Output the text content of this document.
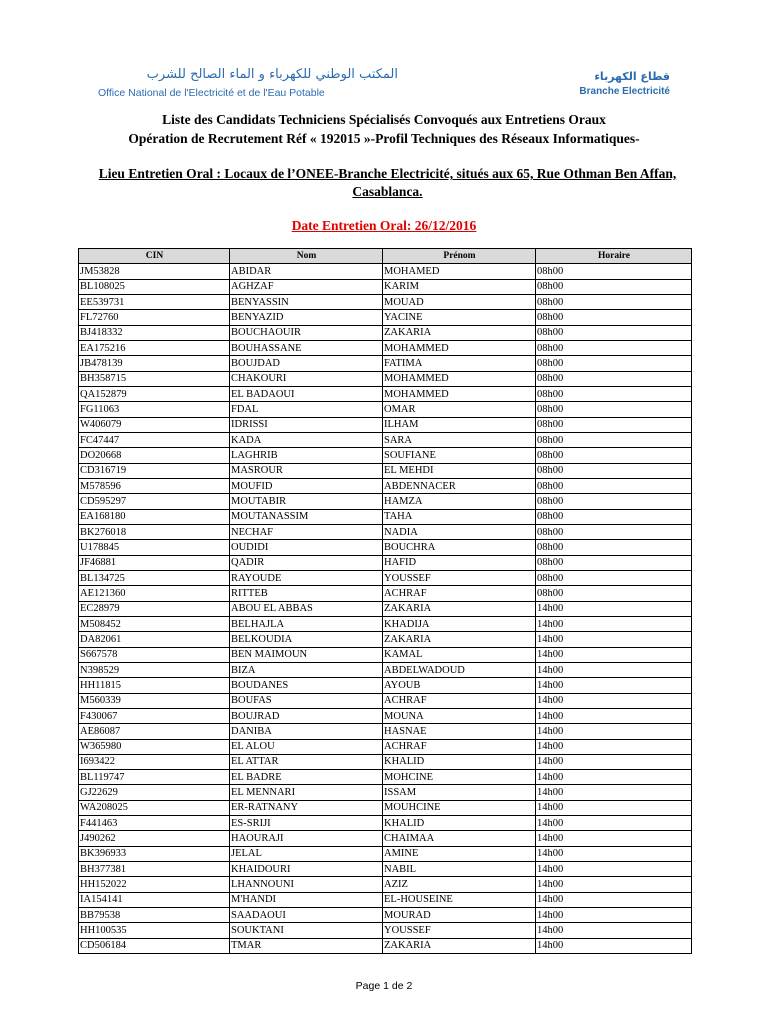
المكتب الوطني للكهرباء و الماء الصالح للشرب
Office National de l'Electricité et de l'Eau Potable
قطاع الكهرباء
Branche Electricité
Liste des Candidats Techniciens Spécialisés Convoqués aux Entretiens Oraux
Opération de Recrutement Réf « 192015 »-Profil Techniques des Réseaux Informatiques-
Lieu Entretien Oral : Locaux de l’ONEE-Branche Electricité, situés aux 65, Rue Othman Ben Affan, Casablanca.
Date Entretien Oral: 26/12/2016
CIN	Nom	Prénom	Horaire
JM53828	ABIDAR	MOHAMED	08h00
BL108025	AGHZAF	KARIM	08h00
EE539731	BENYASSIN	MOUAD	08h00
FL72760	BENYAZID	YACINE	08h00
BJ418332	BOUCHAOUIR	ZAKARIA	08h00
EA175216	BOUHASSANE	MOHAMMED	08h00
JB478139	BOUJDAD	FATIMA	08h00
BH358715	CHAKOURI	MOHAMMED	08h00
QA152879	EL BADAOUI	MOHAMMED	08h00
FG11063	FDAL	OMAR	08h00
W406079	IDRISSI	ILHAM	08h00
FC47447	KADA	SARA	08h00
DO20668	LAGHRIB	SOUFIANE	08h00
CD316719	MASROUR	EL MEHDI	08h00
M578596	MOUFID	ABDENNACER	08h00
CD595297	MOUTABIR	HAMZA	08h00
EA168180	MOUTANASSIM	TAHA	08h00
BK276018	NECHAF	NADIA	08h00
U178845	OUDIDI	BOUCHRA	08h00
JF46881	QADIR	HAFID	08h00
BL134725	RAYOUDE	YOUSSEF	08h00
AE121360	RITTEB	ACHRAF	08h00
EC28979	ABOU EL ABBAS	ZAKARIA	14h00
M508452	BELHAJLA	KHADIJA	14h00
DA82061	BELKOUDIA	ZAKARIA	14h00
S667578	BEN MAIMOUN	KAMAL	14h00
N398529	BIZA	ABDELWADOUD	14h00
HH11815	BOUDANES	AYOUB	14h00
M560339	BOUFAS	ACHRAF	14h00
F430067	BOUJRAD	MOUNA	14h00
AE86087	DANIBA	HASNAE	14h00
W365980	EL ALOU	ACHRAF	14h00
I693422	EL ATTAR	KHALID	14h00
BL119747	EL BADRE	MOHCINE	14h00
GJ22629	EL MENNARI	ISSAM	14h00
WA208025	ER-RATNANY	MOUHCINE	14h00
F441463	ES-SRIJI	KHALID	14h00
J490262	HAOURAJI	CHAIMAA	14h00
BK396933	JELAL	AMINE	14h00
BH377381	KHAIDOURI	NABIL	14h00
HH152022	LHANNOUNI	AZIZ	14h00
IA154141	M'HANDI	EL-HOUSEINE	14h00
BB79538	SAADAOUI	MOURAD	14h00
HH100535	SOUKTANI	YOUSSEF	14h00
CD506184	TMAR	ZAKARIA	14h00
Page 1 de 2
